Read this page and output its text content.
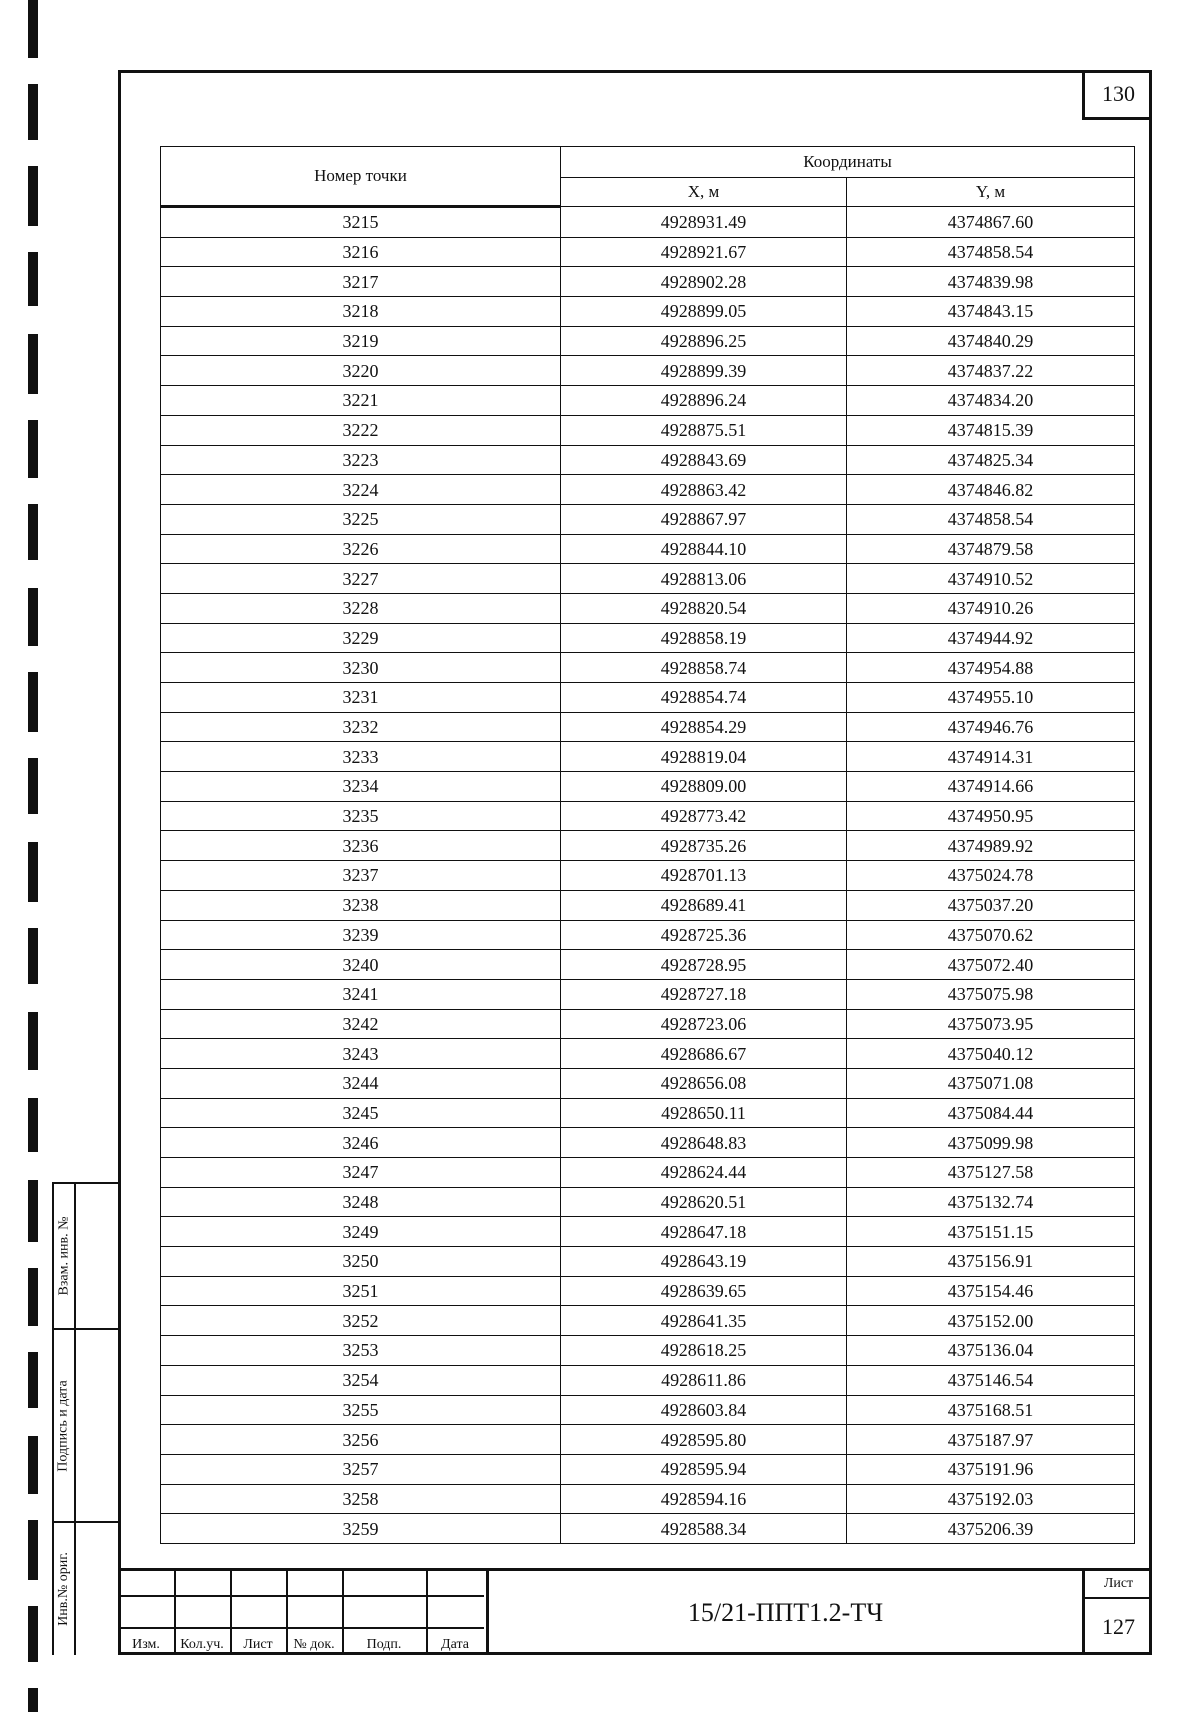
130
Номер точки	Координаты	
	X, м	Y, м
3215	4928931.49	4374867.60
3216	4928921.67	4374858.54
3217	4928902.28	4374839.98
3218	4928899.05	4374843.15
3219	4928896.25	4374840.29
3220	4928899.39	4374837.22
3221	4928896.24	4374834.20
3222	4928875.51	4374815.39
3223	4928843.69	4374825.34
3224	4928863.42	4374846.82
3225	4928867.97	4374858.54
3226	4928844.10	4374879.58
3227	4928813.06	4374910.52
3228	4928820.54	4374910.26
3229	4928858.19	4374944.92
3230	4928858.74	4374954.88
3231	4928854.74	4374955.10
3232	4928854.29	4374946.76
3233	4928819.04	4374914.31
3234	4928809.00	4374914.66
3235	4928773.42	4374950.95
3236	4928735.26	4374989.92
3237	4928701.13	4375024.78
3238	4928689.41	4375037.20
3239	4928725.36	4375070.62
3240	4928728.95	4375072.40
3241	4928727.18	4375075.98
3242	4928723.06	4375073.95
3243	4928686.67	4375040.12
3244	4928656.08	4375071.08
3245	4928650.11	4375084.44
3246	4928648.83	4375099.98
3247	4928624.44	4375127.58
3248	4928620.51	4375132.74
3249	4928647.18	4375151.15
3250	4928643.19	4375156.91
3251	4928639.65	4375154.46
3252	4928641.35	4375152.00
3253	4928618.25	4375136.04
3254	4928611.86	4375146.54
3255	4928603.84	4375168.51
3256	4928595.80	4375187.97
3257	4928595.94	4375191.96
3258	4928594.16	4375192.03
3259	4928588.34	4375206.39
Взам. инв. №
Подпись и дата
Инв.№ ориг.
Изм.	Кол.уч.	Лист	№ док.	Подп.	Дата
15/21-ППТ1.2-ТЧ
Лист
127
